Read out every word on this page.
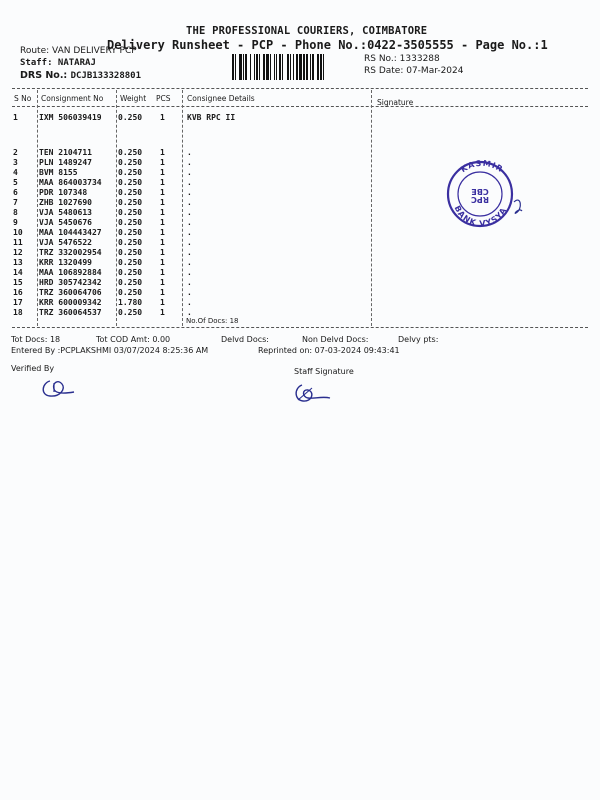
THE PROFESSIONAL COURIERS, COIMBATORE
Delivery Runsheet - PCP - Phone No.:0422-3505555 - Page No.:1
Route: VAN DELIVERY PCP
Staff: NATARAJ
DRS No.: DCJB133328801
RS No.: 1333288
RS Date: 07-Mar-2024
S No Consignment No Weight PCS Consignee Details	Signature
1	IXM 506039419 0.250 1	KVB RPC II
2	TEN 2104711	0.250 1	.
3	PLN 1489247	0.250 1	.
4	BVM 8155	0.250 1	.
5	MAA 864003734 0.250 1	.
6	PDR 107348	0.250 1	.
7	ZHB 1027690	0.250 1	.
8	VJA 5480613	0.250 1	.
9	VJA 5450676	0.250 1	.
10 MAA 104443427 0.250 1	.
11 VJA 5476522	0.250 1	.
12 TRZ 332002954 0.250 1	.
13 KRR 1320499	0.250 1	.
14 MAA 106892884 0.250 1	.
15 HRD 305742342 0.250 1	.
16 TRZ 360064706 0.250 1	.
17 KRR 600009342 1.780 1	.
18 TRZ 360064537 0.250 1	.
No.Of Docs: 18
Tot Docs: 18	Tot COD Amt: 0.00	Delvd Docs:	Non Delvd Docs:	Delvy pts:
Entered By :PCPLAKSHMI 03/07/2024 8:25:36 AM	Reprinted on: 07-03-2024 09:43:41
Verified By	Staff Signature
KASMIR
BANK VYSYA
CBE
RPC
